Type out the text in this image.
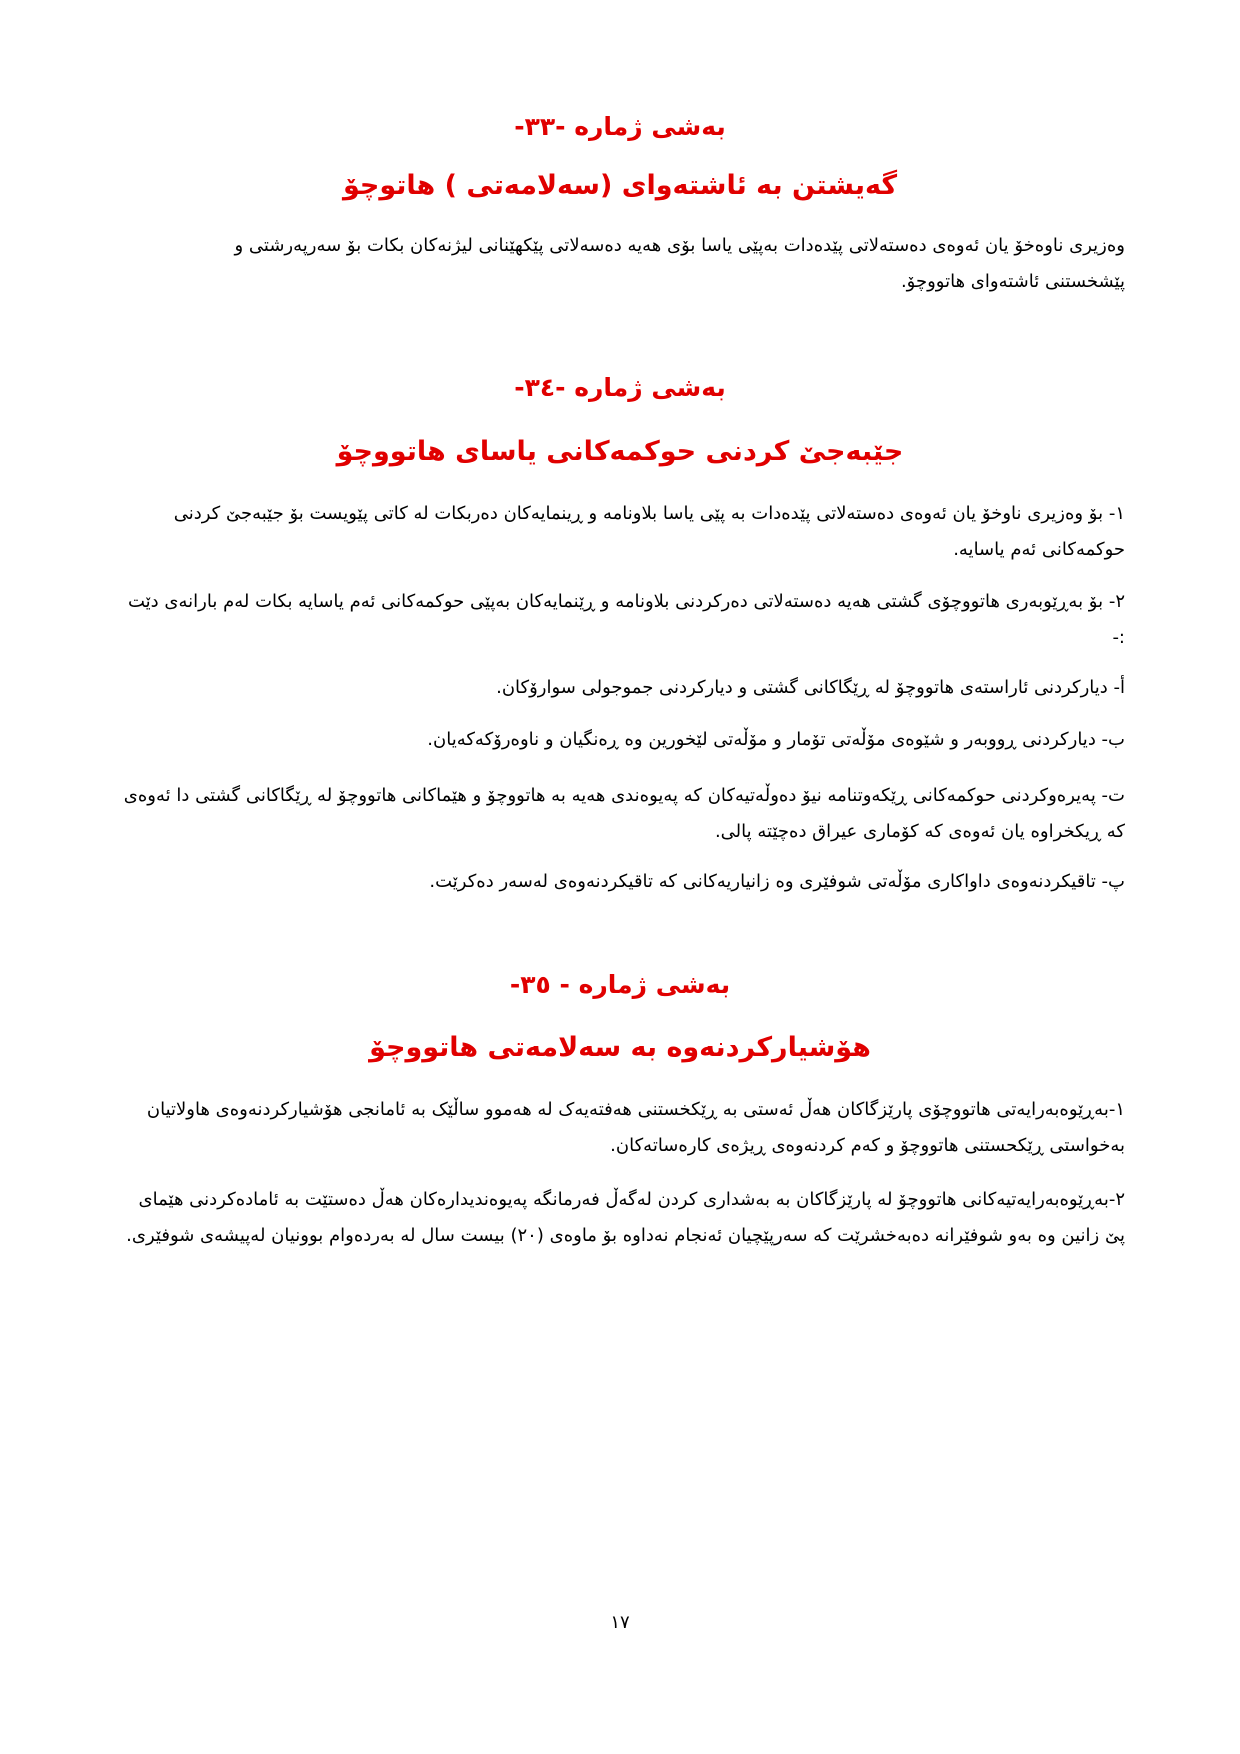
بەشی ژمارە -٣٣-
گەیشتن بە ئاشتەوای (سەلامەتی ) هاتوچۆ
وەزیری ناوەخۆ یان ئەوەی دەستەلاتی پێدەدات بەپێی یاسا بۆی هەیە دەسەلاتی پێکهێنانی لیژنەکان بکات بۆ سەرپەرشتی و پێشخستنی ئاشتەوای هاتووچۆ.
بەشی ژمارە -٣٤-
جێبەجێ کردنی حوکمەکانی یاسای هاتووچۆ
١- بۆ وەزیری ناوخۆ یان ئەوەی دەستەلاتی پێدەدات بە پێی یاسا بلاونامە و ڕینمایەکان دەربکات لە کاتی پێویست بۆ جێبەجێ کردنی حوکمەکانی ئەم یاسایە.
٢- بۆ بەڕێوبەری هاتووچۆی گشتی هەیە دەستەلاتی دەرکردنی بلاونامە و ڕێنمایەکان بەپێی حوکمەکانی ئەم یاسایە بکات لەم بارانەی دێت :-
أ- دیارکردنی ئاراستەی هاتووچۆ لە ڕێگاکانی گشتی و دیارکردنی جموجولی سوارۆکان.
ب- دیارکردنی ڕووبەر و شێوەی مۆڵەتی تۆمار و مۆڵەتی لێخورین وە ڕەنگیان و ناوەرۆکەکەیان.
ت- پەیرەوکردنی حوکمەکانی ڕێکەوتنامە نیۆ دەوڵەتیەکان کە پەیوەندی هەیە بە هاتووچۆ و هێماکانی هاتووچۆ لە ڕێگاکانی گشتی دا ئەوەی کە ڕیکخراوە یان ئەوەی کە کۆماری عیراق دەچێتە پالی.
پ- تاقیکردنەوەی داواکاری مۆڵەتی شوفێری وە زانیاریەکانی کە تاقیکردنەوەی لەسەر دەکرێت.
بەشی ژمارە - ٣٥-
هۆشیارکردنەوە بە سەلامەتی هاتووچۆ
١-بەڕێوەبەرایەتی هاتووچۆی پارێزگاکان هەڵ ئەستی بە ڕێکخستنی هەفتەیەک لە هەموو ساڵێک بە ئامانجی هۆشیارکردنەوەی هاولاتیان بەخواستی ڕێکحستنی هاتووچۆ و کەم کردنەوەی ڕیژەی کارەساتەکان.
٢-بەڕێوەبەرایەتیەکانی هاتووچۆ لە پارێزگاکان بە بەشداری کردن لەگەڵ فەرمانگە پەیوەندیدارەکان هەڵ دەستێت بە ئامادەکردنی هێمای پێ زانین وە بەو شوفێرانە دەبەخشرێت کە سەرپێچیان ئەنجام نەداوە بۆ ماوەی (٢٠) بیست سال لە بەردەوام بوونیان لەپیشەی شوفێری.
١٧
